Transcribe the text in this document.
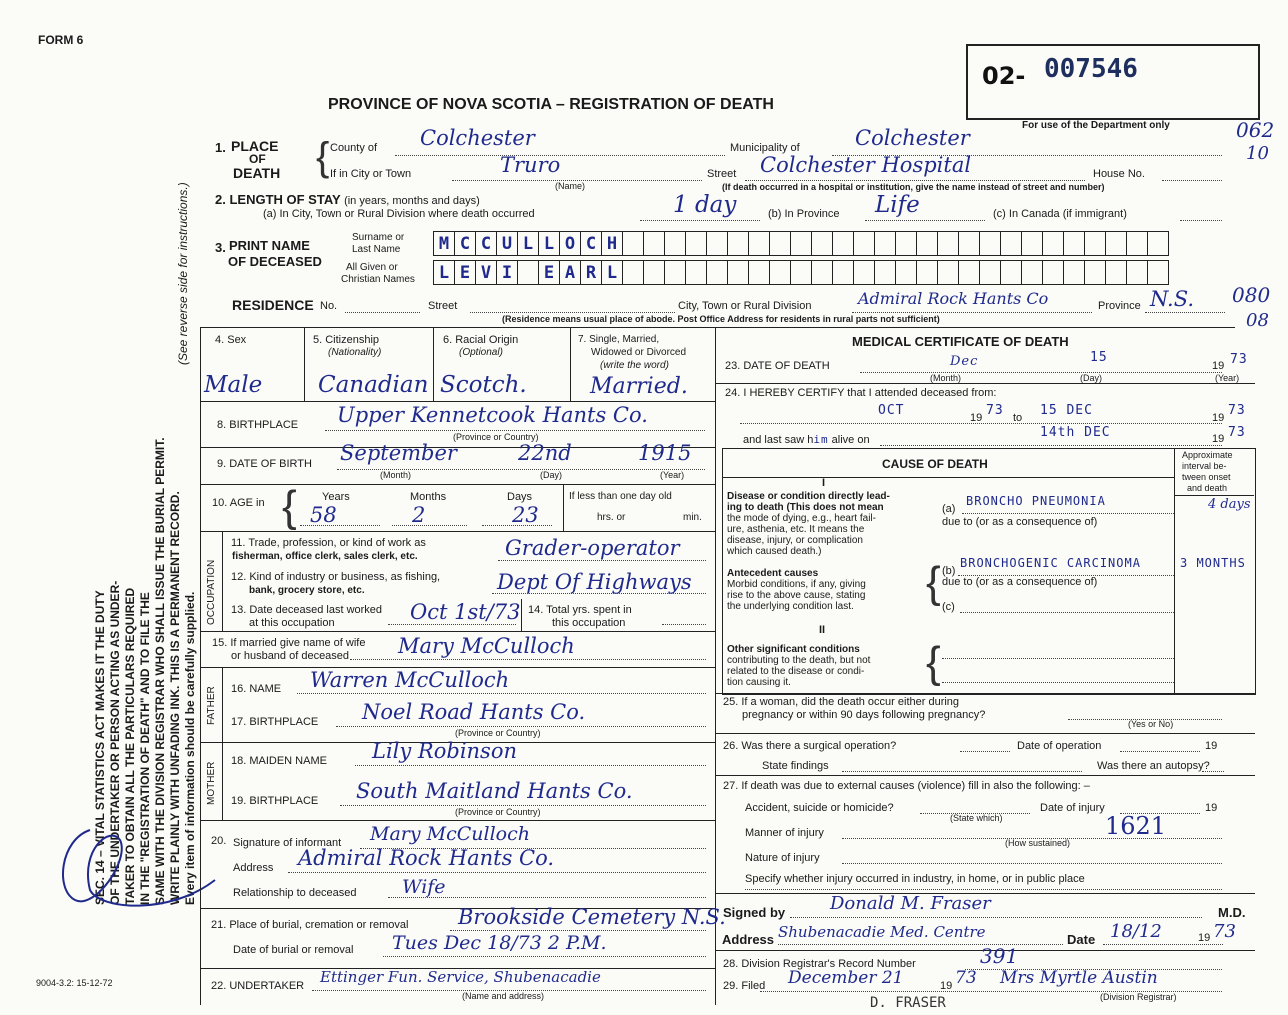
FORM 6
SEC. 14 – VITAL STATISTICS ACT MAKES IT THE DUTY OF THE UNDERTAKER OR PERSON ACTING AS UNDER- TAKER TO OBTAIN ALL THE PARTICULARS REQUIRED IN THE "REGISTRATION OF DEATH" AND TO FILE THE SAME WITH THE DIVISION REGISTRAR WHO SHALL ISSUE THE BURIAL PERMIT. WRITE PLAINLY WITH UNFADING INK. THIS IS A PERMANENT RECORD. Every item of information should be carefully supplied.
(See reverse side for instructions.)
9004-3.2: 15-12-72
02- 007546
For use of the Department only	062
10
080
08
PROVINCE OF NOVA SCOTIA – REGISTRATION OF DEATH
1. PLACE
OF
DEATH { County of Colchester	Municipality of	Colchester
If in City or Town	Truro
(Name)
Street Colchester Hospital	House No.
(If death occurred in a hospital or institution, give the name instead of street and number)
2. LENGTH OF STAY (in years, months and days)
(a) In City, Town or Rural Division where death occurred	1 day	(b) In Province Life	(c) In Canada (if immigrant)
3. PRINT NAME
OF DECEASED
Surname or
Last Name
All Given or
Christian Names
M C C U L L O C H
L E V I	E A R L
RESIDENCE No.	Street	City, Town or Rural Division	Admiral Rock Hants Co	Province N.S.
(Residence means usual place of abode. Post Office Address for residents in rural parts not sufficient)
4. Sex
Male
5. Citizenship
(Nationality)
Canadian
6. Racial Origin
(Optional)
Scotch.
7. Single, Married,
Widowed or Divorced
(write the word)
Married.
8. BIRTHPLACE Upper Kennetcook Hants Co.
(Province or Country)
9. DATE OF BIRTH September	22nd	1915
(Month)	(Day)	(Year)
10. AGE in { Years	Months	Days
58	2	23
If less than one day old
hrs. or	min.
OCCUPATION
11. Trade, profession, or kind of work as
fisherman, office clerk, sales clerk, etc.	Grader-operator
12. Kind of industry or business, as fishing,
bank, grocery store, etc.	Dept Of Highways
13. Date deceased last worked
at this occupation	Oct 1st/73 14. Total yrs. spent in
this occupation
15. If married give name of wife
or husband of deceased Mary McCulloch
FATHER 16. NAME Warren McCulloch
17. BIRTHPLACE Noel Road Hants Co.
(Province or Country)
MOTHER
18. MAIDEN NAME Lily Robinson
19. BIRTHPLACE South Maitland Hants Co.
(Province or Country)
20. Signature of informant Mary McCulloch
Address Admiral Rock Hants Co.
Relationship to deceased Wife
21. Place of burial, cremation or removal Brookside Cemetery N.S.
Date of burial or removal Tues Dec 18/73 2 P.M.
22. UNDERTAKER Ettinger Fun. Service, Shubenacadie
(Name and address)
MEDICAL CERTIFICATE OF DEATH
23. DATE OF DEATH	Dec	15
19 73
(Month)	(Day)	(Year)
24. I HEREBY CERTIFY that I attended deceased from:
OCT	19 73 to 15 DEC	19 73
and last saw him alive on	14th DEC	19 73
CAUSE OF DEATH
Approximate
interval be-
tween onset
and death
I
Disease or condition directly lead-
ing to death (This does not mean
the mode of dying, e.g., heart fail-
ure, asthenia, etc. It means the
disease, injury, or complication
which caused death.)
(a)
BRONCHO PNEUMONIA	4 days
due to (or as a consequence of)
Antecedent causes
Morbid conditions, if any, giving
rise to the above cause, stating
the underlying condition last. { (b)
BRONCHOGENIC CARCINOMA	3 MONTHS
due to (or as a consequence of)
(c)
II
Other significant conditions
contributing to the death, but not
related to the disease or condi-
tion causing it.	{
25. If a woman, did the death occur either during
pregnancy or within 90 days following pregnancy?
(Yes or No)
26. Was there a surgical operation?	Date of operation	19
State findings	Was there an autopsy?
27. If death was due to external causes (violence) fill in also the following: –
Accident, suicide or homicide?	Date of injury	19
(State which)
Manner of injury	1621
(How sustained)
Nature of injury
Specify whether injury occurred in industry, in home, or in public place
Signed by Donald M. Fraser	M.D.
Address Shubenacadie Med. Centre	Date 18/12	19 73
28. Division Registrar's Record Number	391
29. Filed December 21	19 73 Mrs Myrtle Austin
(Division Registrar)
D. FRASER
